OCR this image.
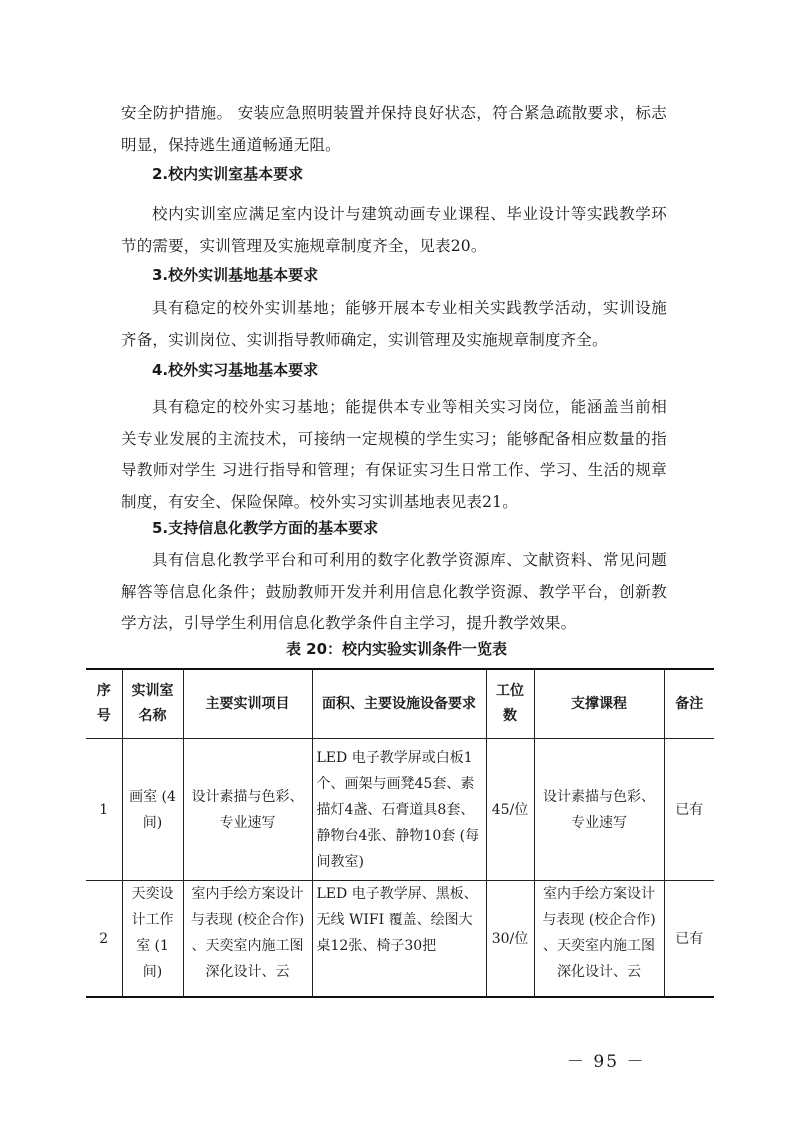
安全防护措施。 安装应急照明装置并保持良好状态，符合紧急疏散要求，标志明显，保持逃生通道畅通无阻。

2.校内实训室基本要求

校内实训室应满足室内设计与建筑动画专业课程、毕业设计等实践教学环节的需要，实训管理及实施规章制度齐全，见表20。

3.校外实训基地基本要求

具有稳定的校外实训基地；能够开展本专业相关实践教学活动，实训设施齐备，实训岗位、实训指导教师确定，实训管理及实施规章制度齐全。

4.校外实习基地基本要求

具有稳定的校外实习基地；能提供本专业等相关实习岗位，能涵盖当前相关专业发展的主流技术，可接纳一定规模的学生实习；能够配备相应数量的指导教师对学生 习进行指导和管理；有保证实习生日常工作、学习、生活的规章制度，有安全、保险保障。校外实习实训基地表见表21。

5.支持信息化教学方面的基本要求

具有信息化教学平台和可利用的数字化教学资源库、文献资料、常见问题解答等信息化条件；鼓励教师开发并利用信息化教学资源、教学平台，创新教学方法，引导学生利用信息化教学条件自主学习，提升教学效果。

表 20：校内实验实训条件一览表
序号	实训室名称	主要实训项目	面积、主要设施设备要求	工位数	支撑课程	备注
1	画室 (4间)	设计素描与色彩、专业速写	LED 电子教学屏或白板1个、画架与画凳45套、素描灯4盏、石膏道具8套、静物台4张、静物10套 (每间教室)	45/位	设计素描与色彩、专业速写	已有
2	天奕设计工作室 (1间)	室内手绘方案设计与表现 (校企合作) 、天奕室内施工图深化设计、云	LED 电子教学屏、黑板、无线 WIFI 覆盖、绘图大桌12张、椅子30把	30/位	室内手绘方案设计与表现 (校企合作) 、天奕室内施工图深化设计、云	已有
－ 95 －
